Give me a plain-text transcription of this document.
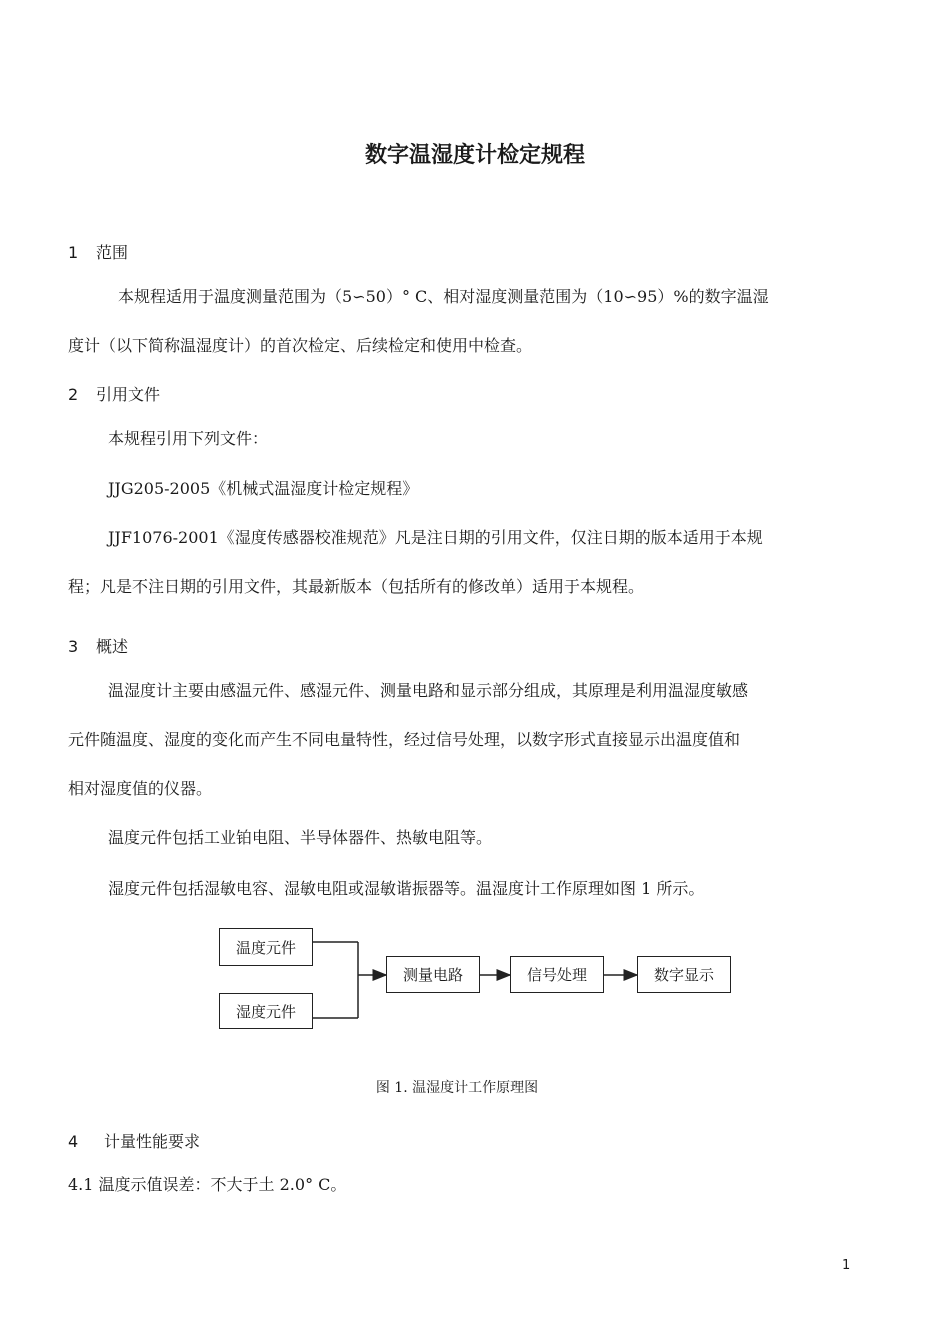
数字温湿度计检定规程
1 范围
本规程适用于温度测量范围为（5∽50）° C、相对湿度测量范围为（10∽95）%的数字温湿
度计（以下简称温湿度计）的首次检定、后续检定和使用中检查。
2 引用文件
本规程引用下列文件：
JJG205-2005《机械式温湿度计检定规程》
JJF1076-2001《湿度传感器校准规范》凡是注日期的引用文件，仅注日期的版本适用于本规
程；凡是不注日期的引用文件，其最新版本（包括所有的修改单）适用于本规程。
3 概述
温湿度计主要由感温元件、感湿元件、测量电路和显示部分组成，其原理是利用温湿度敏感
元件随温度、湿度的变化而产生不同电量特性，经过信号处理，以数字形式直接显示出温度值和
相对湿度值的仪器。
温度元件包括工业铂电阻、半导体器件、热敏电阻等。
湿度元件包括湿敏电容、湿敏电阻或湿敏谐振器等。温湿度计工作原理如图 1 所示。
温度元件
湿度元件
测量电路	信号处理	数字显示
图 1. 温湿度计工作原理图
4 计量性能要求
4.1 温度示值误差：不大于土 2.0° C。
1
